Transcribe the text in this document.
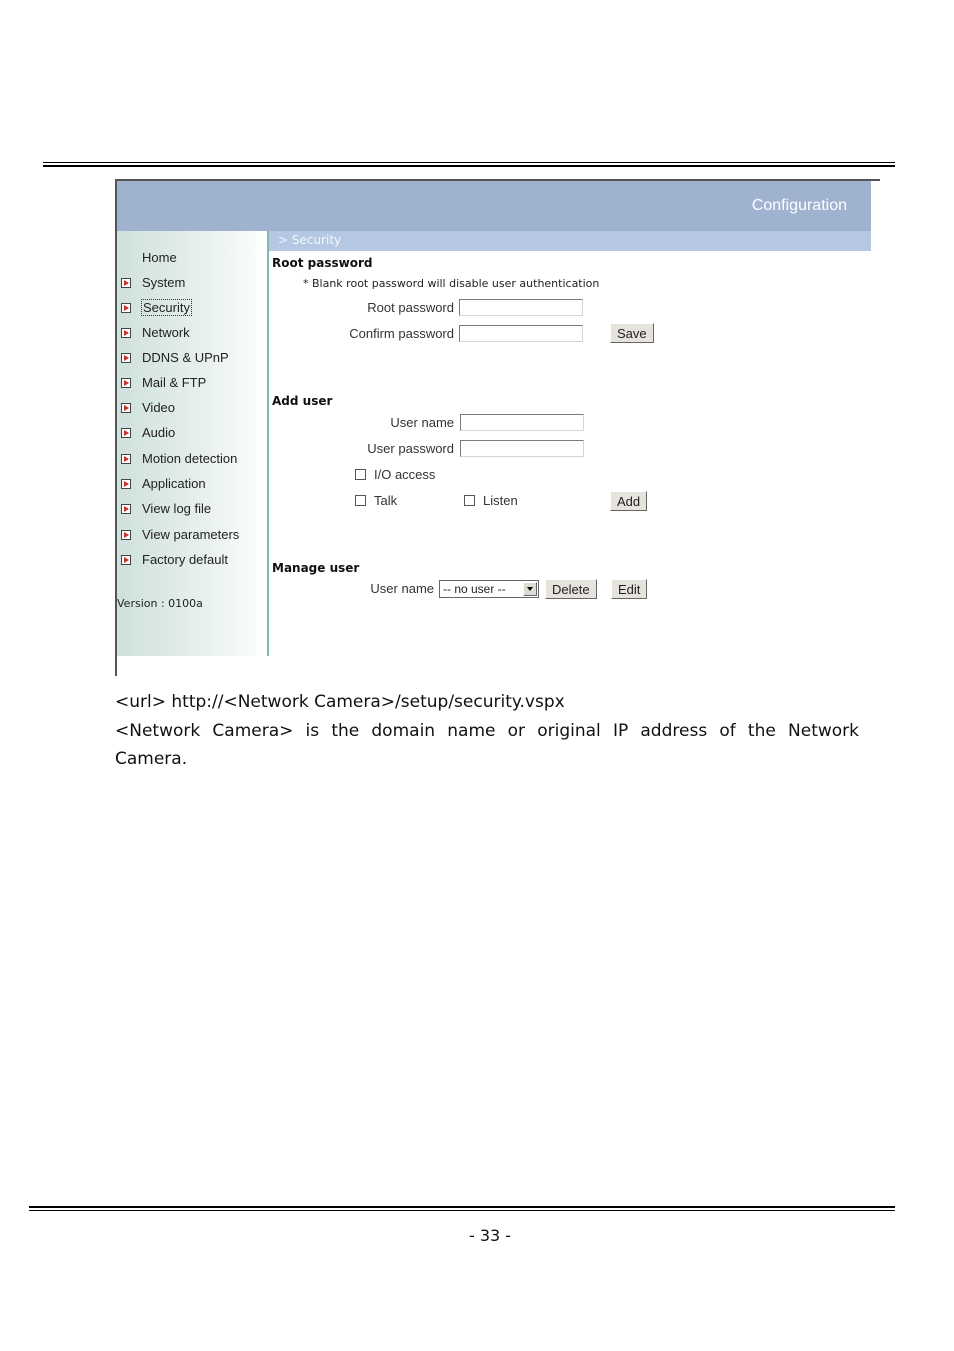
Configuration
> Security
Home
System
Security
Network
DDNS & UPnP
Mail & FTP
Video
Audio
Motion detection
Application
View log file
View parameters
Factory default
Version : 0100a
Root password
* Blank root password will disable user authentication
Root password
Confirm password	Save
Add user
User name
User password
I/O access
Talk	Listen	Add
Manage user
User name -- no user --	Delete	Edit
<url> http://<Network Camera>/setup/security.vspx
<Network Camera> is the domain name or original IP address of the Network
Camera.
- 33 -
